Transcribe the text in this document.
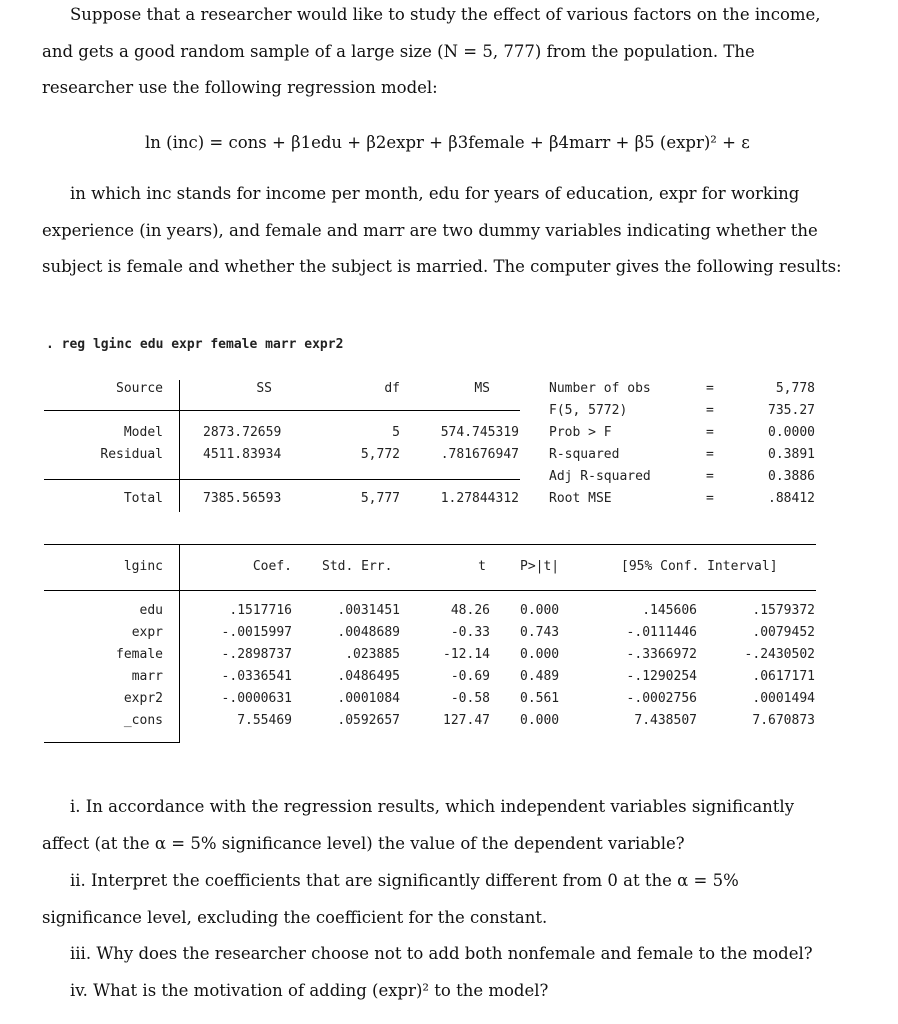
Suppose that a researcher would like to study the effect of various factors on the income, and gets a good random sample of a large size (N = 5, 777) from the population. The researcher use the following regression model:
ln (inc) = cons + β1edu + β2expr + β3female + β4marr + β5 (expr)² + ε
in which inc stands for income per month, edu for years of education, expr for working experience (in years), and female and marr are two dummy variables indicating whether the subject is female and whether the subject is married. The computer gives the following results:
. reg lginc edu expr female marr expr2
Source	SS	df	MS
Model	2873.72659	5	574.745319
Residual	4511.83934	5,772	.781676947
Total	7385.56593	5,777	1.27844312
Number of obs	=	5,778
F(5, 5772)	=	735.27
Prob > F	=	0.0000
R-squared	=	0.3891
Adj R-squared	=	0.3886
Root MSE	=	.88412
lginc	Coef. Std. Err.	t	P>|t|	[95% Conf. Interval]
edu	.1517716	.0031451	48.26 0.000	.145606	.1579372
expr	-.0015997	.0048689	-0.33 0.743	-.0111446	.0079452
female	-.2898737	.023885	-12.14 0.000	-.3366972	-.2430502
marr	-.0336541	.0486495	-0.69 0.489	-.1290254	.0617171
expr2	-.0000631	.0001084	-0.58 0.561	-.0002756	.0001494
_cons	7.55469	.0592657	127.47 0.000	7.438507	7.670873
i. In accordance with the regression results, which independent variables significantly affect (at the α = 5% significance level) the value of the dependent variable?
ii. Interpret the coefficients that are significantly different from 0 at the α = 5% significance level, excluding the coefficient for the constant.
iii. Why does the researcher choose not to add both nonfemale and female to the model?
iv. What is the motivation of adding (expr)² to the model?
